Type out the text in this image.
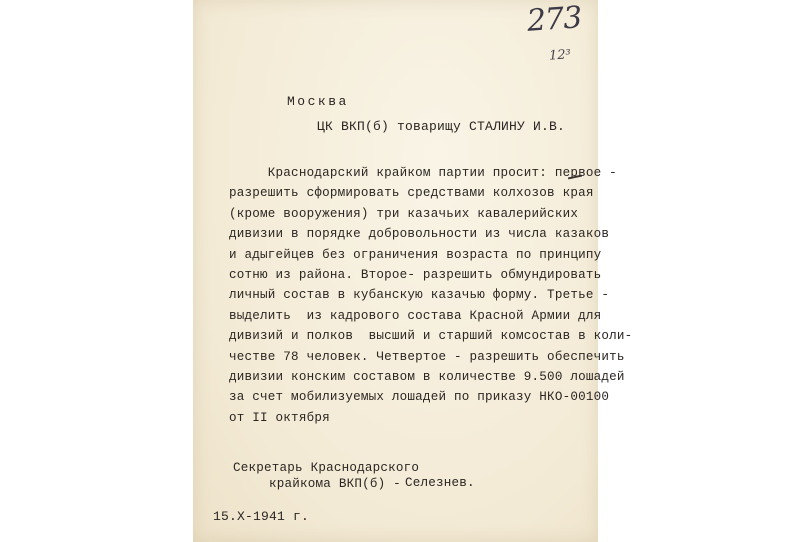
273
12³
Москва
ЦК ВКП(б) товарищу СТАЛИНУ И.В.
Краснодарский крайком партии просит: первое -
разрешить сформировать средствами колхозов края
(кроме вооружения) три казачьих кавалерийских
дивизии в порядке добровольности из числа казаков
и адыгейцев без ограничения возраста по принципу
сотню из района. Второе- разрешить обмундировать
личный состав в кубанскую казачью форму. Третье -
выделить  из кадрового состава Красной Армии для
дивизий и полков  высший и старший комсостав в коли-
честве 78 человек. Четвертое - разрешить обеспечить
дивизии конским составом в количестве 9.500 лошадей
за счет мобилизуемых лошадей по приказу НКО-00100
от II октября
Секретарь Краснодарского
крайкома ВКП(б) - Селезнев.
15.Х-1941 г.
